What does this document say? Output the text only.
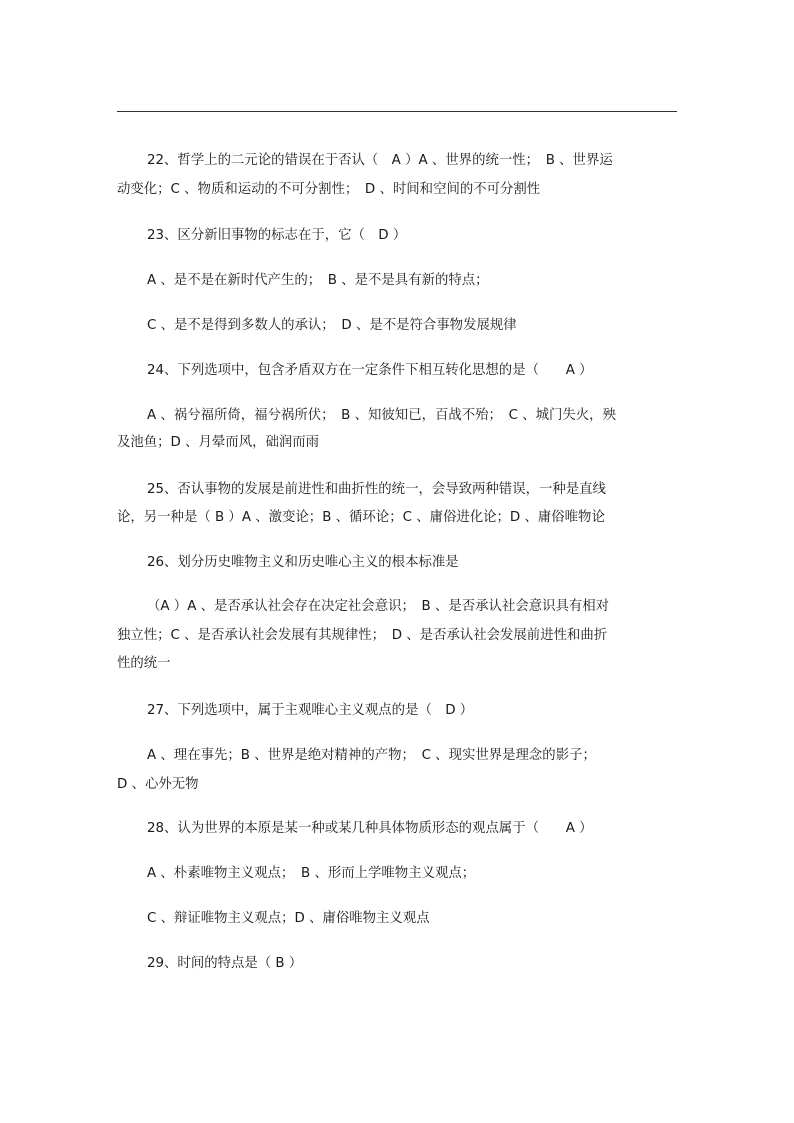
22、哲学上的二元论的错误在于否认（　A ）A 、世界的统一性；　B 、世界运
动变化；C 、物质和运动的不可分割性；　D 、时间和空间的不可分割性
23、区分新旧事物的标志在于，它（　D ）
A 、是不是在新时代产生的；　B 、是不是具有新的特点；
C 、是不是得到多数人的承认；　D 、是不是符合事物发展规律
24、下列选项中，包含矛盾双方在一定条件下相互转化思想的是（　　A ）
A 、祸兮福所倚，福兮祸所伏；　B 、知彼知已，百战不殆；　C 、城门失火，殃
及池鱼；D 、月晕而风，础润而雨
25、否认事物的发展是前进性和曲折性的统一，会导致两种错误，一种是直线
论，另一种是（ B ）A 、激变论；B 、循环论；C 、庸俗进化论；D 、庸俗唯物论
26、划分历史唯物主义和历史唯心主义的根本标准是
（A ）A 、是否承认社会存在决定社会意识；　B 、是否承认社会意识具有相对
独立性；C 、是否承认社会发展有其规律性；　D 、是否承认社会发展前进性和曲折
性的统一
27、下列选项中，属于主观唯心主义观点的是（　D ）
A 、理在事先；B 、世界是绝对精神的产物；　C 、现实世界是理念的影子；
D 、心外无物
28、认为世界的本原是某一种或某几种具体物质形态的观点属于（　　A ）
A 、朴素唯物主义观点；　B 、形而上学唯物主义观点；
C 、辩证唯物主义观点；D 、庸俗唯物主义观点
29、时间的特点是（ B ）
